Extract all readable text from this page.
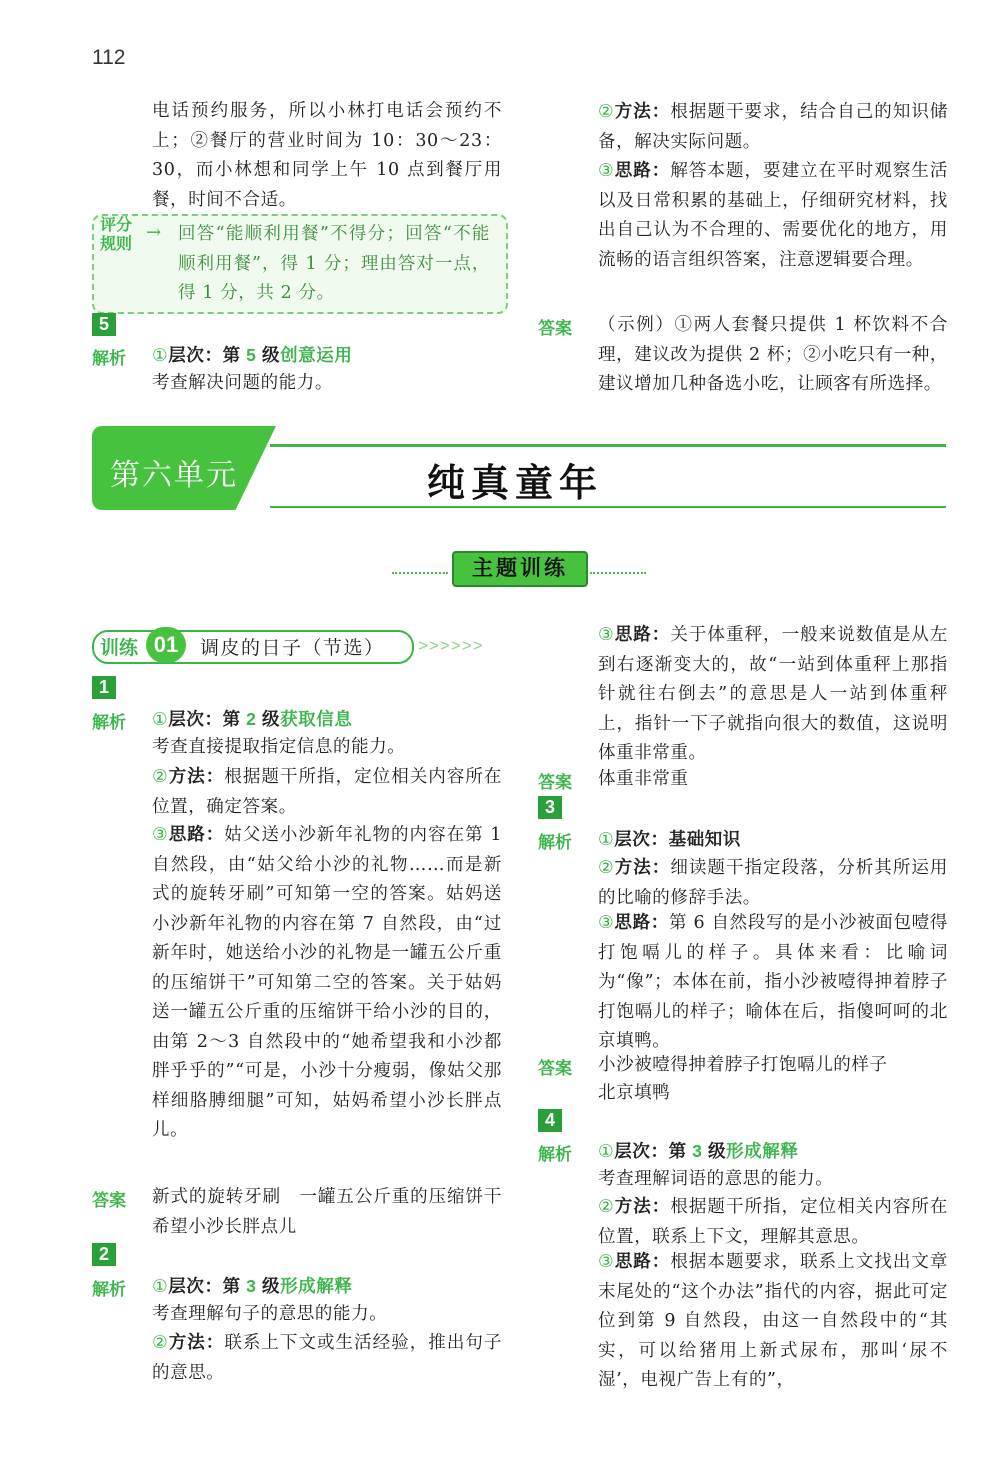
112

电话预约服务，所以小林打电话会预约不上；②餐厅的营业时间为 10：30～23：30，而小林想和同学上午 10 点到餐厅用餐，时间不合适。

评分规则
→ 回答“能顺利用餐”不得分；回答“不能顺利用餐”，得 1 分；理由答对一点，得 1 分，共 2 分。

5
解析 ①层次：第 5 级创意运用

考查解决问题的能力。

②方法：根据题干要求，结合自己的知识储备，解决实际问题。

③思路：解答本题，要建立在平时观察生活以及日常积累的基础上，仔细研究材料，找出自己认为不合理的、需要优化的地方，用流畅的语言组织答案，注意逻辑要合理。

答案 （示例）①两人套餐只提供 1 杯饮料不合理，建议改为提供 2 杯；②小吃只有一种，建议增加几种备选小吃，让顾客有所选择。

第六单元	纯真童年
主题训练
训练 01	调皮的日子（节选） >>>>>>
1
解析 ①层次：第 2 级获取信息

考查直接提取指定信息的能力。

②方法：根据题干所指，定位相关内容所在位置，确定答案。

③思路：姑父送小沙新年礼物的内容在第 1 自然段，由“姑父给小沙的礼物……而是新式的旋转牙刷”可知第一空的答案。姑妈送小沙新年礼物的内容在第 7 自然段，由“过新年时，她送给小沙的礼物是一罐五公斤重的压缩饼干”可知第二空的答案。关于姑妈送一罐五公斤重的压缩饼干给小沙的目的，由第 2～3 自然段中的“她希望我和小沙都胖乎乎的”“可是，小沙十分瘦弱，像姑父那样细胳膊细腿”可知，姑妈希望小沙长胖点儿。

答案 新式的旋转牙刷　一罐五公斤重的压缩饼干　希望小沙长胖点儿

2
解析 ①层次：第 3 级形成解释

考查理解句子的意思的能力。

②方法：联系上下文或生活经验，推出句子的意思。

③思路：关于体重秤，一般来说数值是从左到右逐渐变大的，故“一站到体重秤上那指针就往右倒去”的意思是人一站到体重秤上，指针一下子就指向很大的数值，这说明体重非常重。

答案 体重非常重

3
解析 ①层次：基础知识

②方法：细读题干指定段落，分析其所运用的比喻的修辞手法。

③思路：第 6 自然段写的是小沙被面包噎得打饱嗝儿的样子。具体来看：比喻词为“像”；本体在前，指小沙被噎得抻着脖子打饱嗝儿的样子；喻体在后，指傻呵呵的北京填鸭。

答案 小沙被噎得抻着脖子打饱嗝儿的样子

北京填鸭

4
解析 ①层次：第 3 级形成解释

考查理解词语的意思的能力。

②方法：根据题干所指，定位相关内容所在位置，联系上下文，理解其意思。

③思路：根据本题要求，联系上文找出文章末尾处的“这个办法”指代的内容，据此可定位到第 9 自然段，由这一自然段中的“其实，可以给猪用上新式尿布，那叫‘尿不湿’，电视广告上有的”，
